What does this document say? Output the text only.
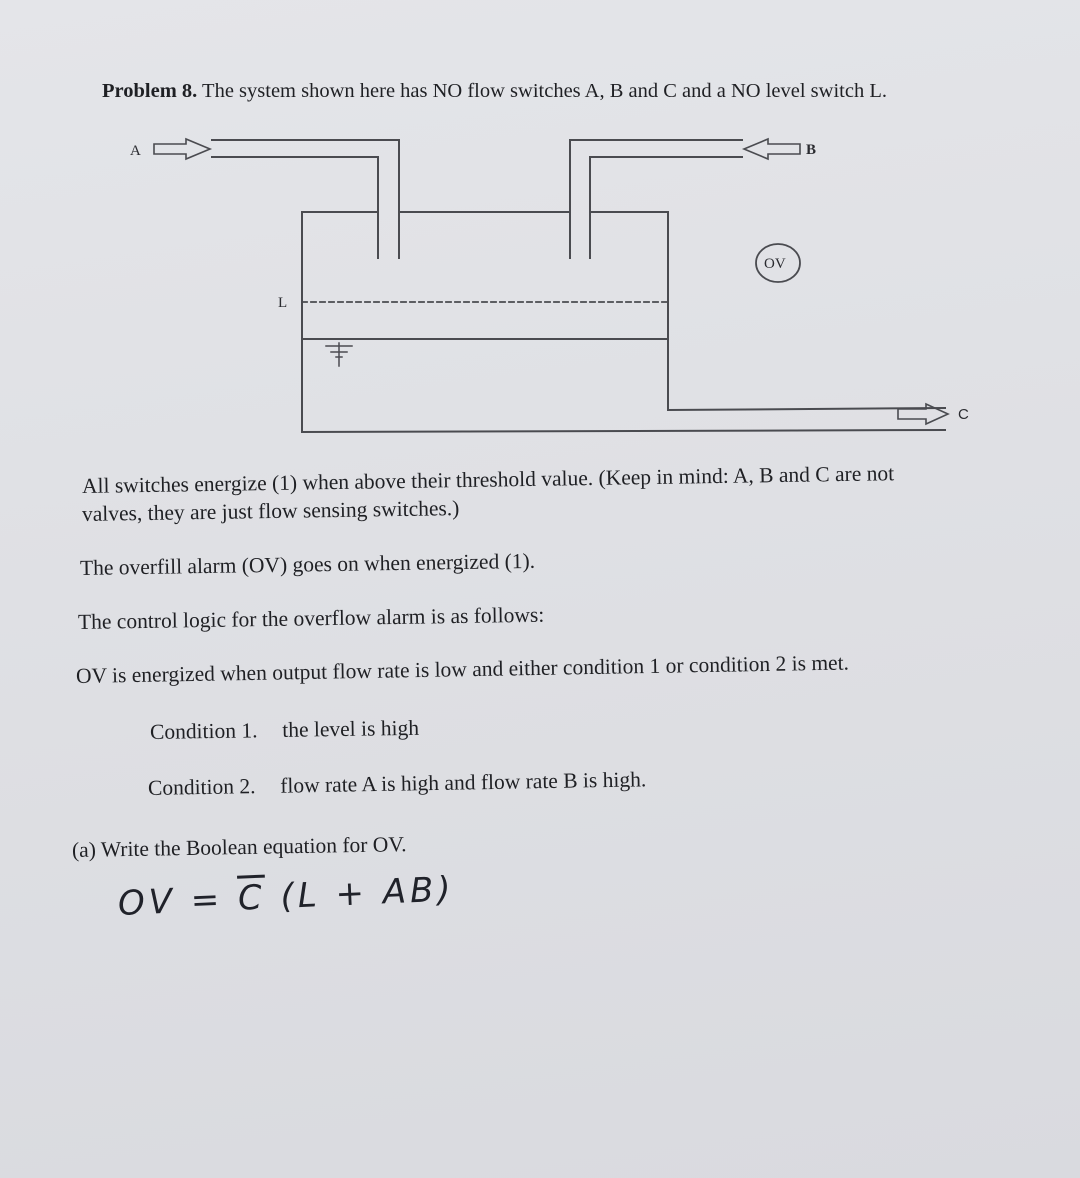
Problem 8. The system shown here has NO flow switches A, B and C and a NO level switch L.
A	B
C
L
OV
All switches energize (1) when above their threshold value. (Keep in mind: A, B and C are not
valves, they are just flow sensing switches.)
The overfill alarm (OV) goes on when energized (1).
The control logic for the overflow alarm is as follows:
OV is energized when output flow rate is low and either condition 1 or condition 2 is met.
Condition 1. the level is high
Condition 2. flow rate A is high and flow rate B is high.
(a) Write the Boolean equation for OV.
OV = $\overline{C}$ (L + AB)
